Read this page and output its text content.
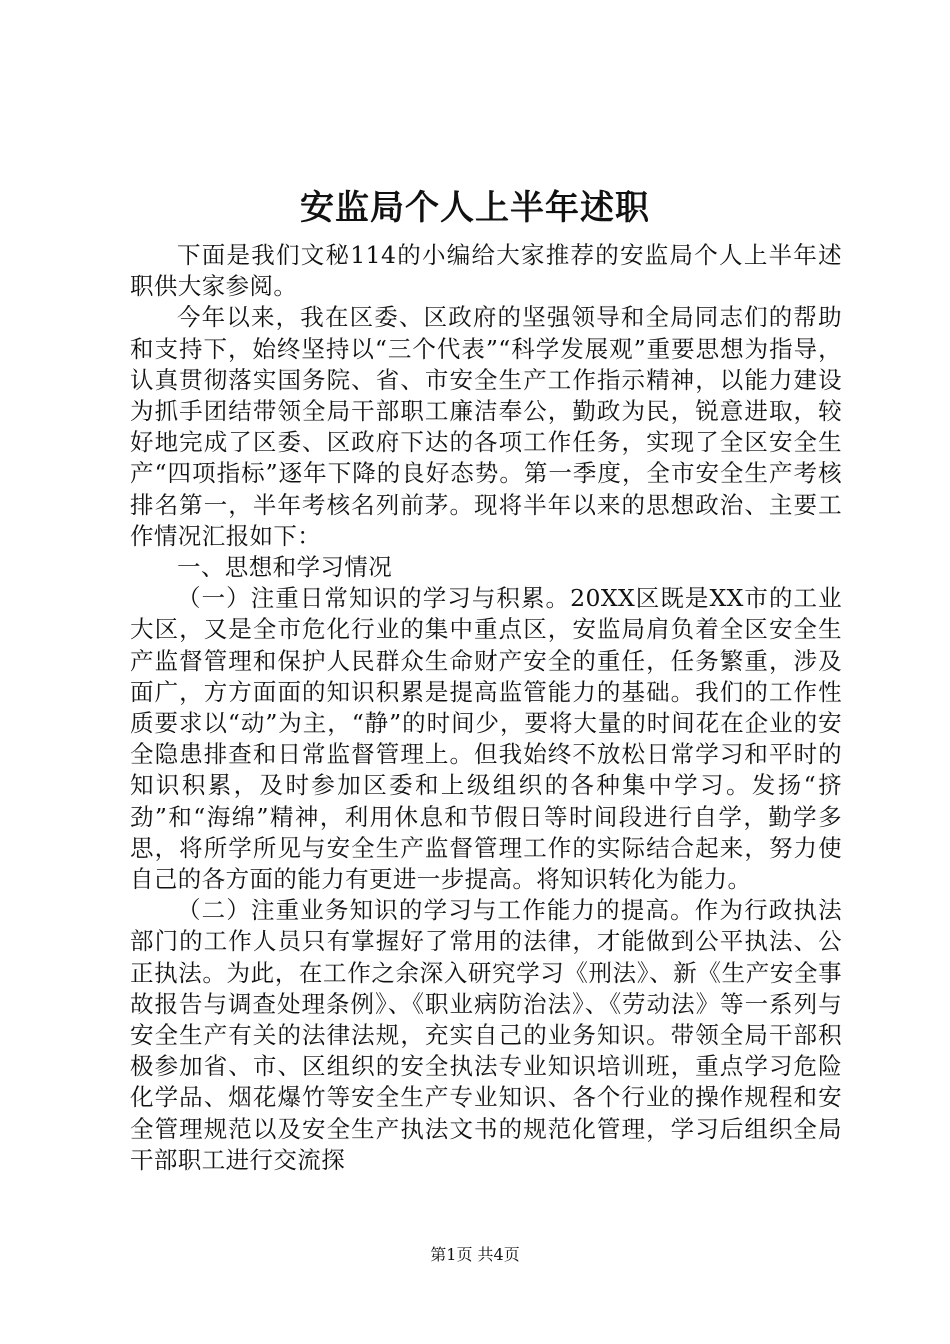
安监局个人上半年述职

下面是我们文秘114的小编给大家推荐的安监局个人上半年述职供大家参阅。

今年以来，我在区委、区政府的坚强领导和全局同志们的帮助和支持下，始终坚持以“三个代表”“科学发展观”重要思想为指导，认真贯彻落实国务院、省、市安全生产工作指示精神，以能力建设为抓手团结带领全局干部职工廉洁奉公，勤政为民，锐意进取，较好地完成了区委、区政府下达的各项工作任务，实现了全区安全生产“四项指标”逐年下降的良好态势。第一季度，全市安全生产考核排名第一，半年考核名列前茅。现将半年以来的思想政治、主要工作情况汇报如下：

一、思想和学习情况

（一）注重日常知识的学习与积累。20XX区既是XX市的工业大区，又是全市危化行业的集中重点区，安监局肩负着全区安全生产监督管理和保护人民群众生命财产安全的重任，任务繁重，涉及面广，方方面面的知识积累是提高监管能力的基础。我们的工作性质要求以“动”为主，“静”的时间少，要将大量的时间花在企业的安全隐患排查和日常监督管理上。但我始终不放松日常学习和平时的知识积累，及时参加区委和上级组织的各种集中学习。发扬“挤劲”和“海绵”精神，利用休息和节假日等时间段进行自学，勤学多思，将所学所见与安全生产监督管理工作的实际结合起来，努力使自己的各方面的能力有更进一步提高。将知识转化为能力。

（二）注重业务知识的学习与工作能力的提高。作为行政执法部门的工作人员只有掌握好了常用的法律，才能做到公平执法、公正执法。为此，在工作之余深入研究学习《刑法》、新《生产安全事故报告与调查处理条例》、《职业病防治法》、《劳动法》等一系列与安全生产有关的法律法规，充实自己的业务知识。带领全局干部积极参加省、市、区组织的安全执法专业知识培训班，重点学习危险化学品、烟花爆竹等安全生产专业知识、各个行业的操作规程和安全管理规范以及安全生产执法文书的规范化管理，学习后组织全局干部职工进行交流探

第1页 共4页
